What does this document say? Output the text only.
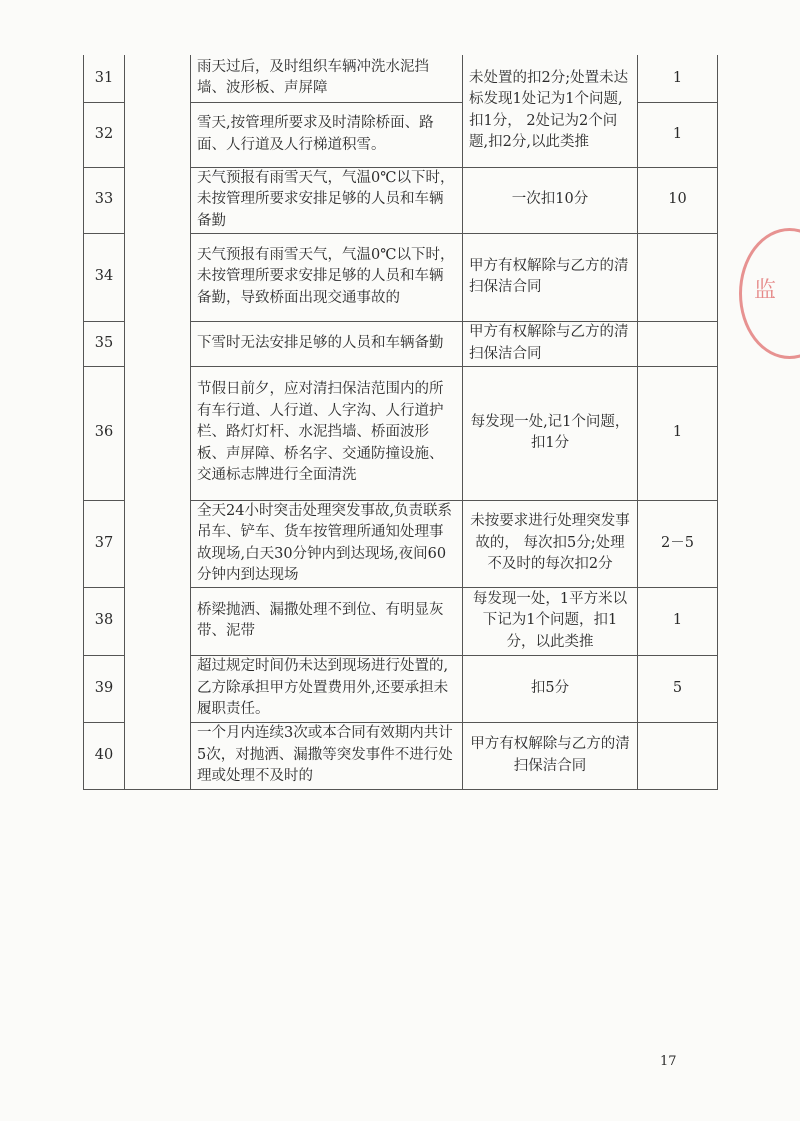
31		雨天过后，及时组织车辆冲洗水泥挡墙、波形板、声屏障	未处置的扣2分;处置未达标发现1处记为1个问题,扣1分， 2处记为2个问题,扣2分,以此类推	1
32		雪天,按管理所要求及时清除桥面、路面、人行道及人行梯道积雪。		1
33		天气预报有雨雪天气，气温0℃以下时，未按管理所要求安排足够的人员和车辆备勤	一次扣10分	10
34		天气预报有雨雪天气，气温0℃以下时，未按管理所要求安排足够的人员和车辆备勤，导致桥面出现交通事故的	甲方有权解除与乙方的清扫保洁合同	
35		下雪时无法安排足够的人员和车辆备勤	甲方有权解除与乙方的清扫保洁合同	
36		节假日前夕，应对清扫保洁范围内的所有车行道、人行道、人字沟、人行道护栏、路灯灯杆、水泥挡墙、桥面波形板、声屏障、桥名字、交通防撞设施、交通标志牌进行全面清洗	每发现一处,记1个问题，扣1分	1
37		全天24小时突击处理突发事故,负责联系吊车、铲车、货车按管理所通知处理事故现场,白天30分钟内到达现场,夜间60分钟内到达现场	未按要求进行处理突发事故的， 每次扣5分;处理不及时的每次扣2分	2－5
38		桥梁抛洒、漏撒处理不到位、有明显灰带、泥带	每发现一处，1平方米以下记为1个问题，扣1分，以此类推	1
39		超过规定时间仍未达到现场进行处置的,乙方除承担甲方处置费用外,还要承担未履职责任。	扣5分	5
40		一个月内连续3次或本合同有效期内共计5次，对抛洒、漏撒等突发事件不进行处理或处理不及时的	甲方有权解除与乙方的清扫保洁合同	
监
17
